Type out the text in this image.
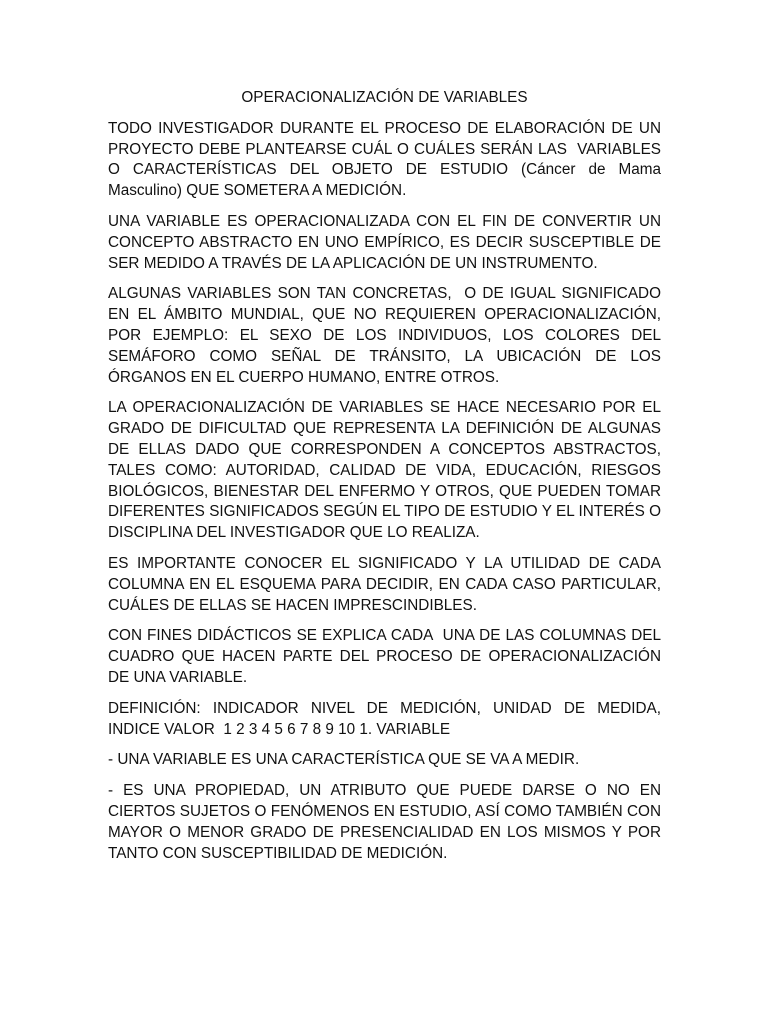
OPERACIONALIZACIÓN DE VARIABLES

TODO INVESTIGADOR DURANTE EL PROCESO DE ELABORACIÓN DE UN PROYECTO DEBE PLANTEARSE CUÁL O CUÁLES SERÁN LAS  VARIABLES O CARACTERÍSTICAS DEL OBJETO DE ESTUDIO (Cáncer de Mama Masculino) QUE SOMETERA A MEDICIÓN.

UNA VARIABLE ES OPERACIONALIZADA CON EL FIN DE CONVERTIR UN CONCEPTO ABSTRACTO EN UNO EMPÍRICO, ES DECIR SUSCEPTIBLE DE SER MEDIDO A TRAVÉS DE LA APLICACIÓN DE UN INSTRUMENTO.

ALGUNAS VARIABLES SON TAN CONCRETAS,  O DE IGUAL SIGNIFICADO EN EL ÁMBITO MUNDIAL, QUE NO REQUIEREN OPERACIONALIZACIÓN, POR EJEMPLO: EL SEXO DE LOS INDIVIDUOS, LOS COLORES DEL SEMÁFORO COMO SEÑAL DE TRÁNSITO, LA UBICACIÓN DE LOS ÓRGANOS EN EL CUERPO HUMANO, ENTRE OTROS.

LA OPERACIONALIZACIÓN DE VARIABLES SE HACE NECESARIO POR EL GRADO DE DIFICULTAD QUE REPRESENTA LA DEFINICIÓN DE ALGUNAS DE ELLAS DADO QUE CORRESPONDEN A CONCEPTOS ABSTRACTOS, TALES COMO: AUTORIDAD, CALIDAD DE VIDA, EDUCACIÓN, RIESGOS BIOLÓGICOS, BIENESTAR DEL ENFERMO Y OTROS, QUE PUEDEN TOMAR DIFERENTES SIGNIFICADOS SEGÚN EL TIPO DE ESTUDIO Y EL INTERÉS O DISCIPLINA DEL INVESTIGADOR QUE LO REALIZA.

ES IMPORTANTE CONOCER EL SIGNIFICADO Y LA UTILIDAD DE CADA COLUMNA EN EL ESQUEMA PARA DECIDIR, EN CADA CASO PARTICULAR, CUÁLES DE ELLAS SE HACEN IMPRESCINDIBLES.

CON FINES DIDÁCTICOS SE EXPLICA CADA  UNA DE LAS COLUMNAS DEL CUADRO QUE HACEN PARTE DEL PROCESO DE OPERACIONALIZACIÓN DE UNA VARIABLE.

DEFINICIÓN: INDICADOR NIVEL DE MEDICIÓN, UNIDAD DE MEDIDA, INDICE VALOR  1 2 3 4 5 6 7 8 9 10 1. VARIABLE

- UNA VARIABLE ES UNA CARACTERÍSTICA QUE SE VA A MEDIR.

- ES UNA PROPIEDAD, UN ATRIBUTO QUE PUEDE DARSE O NO EN CIERTOS SUJETOS O FENÓMENOS EN ESTUDIO, ASÍ COMO TAMBIÉN CON MAYOR O MENOR GRADO DE PRESENCIALIDAD EN LOS MISMOS Y POR TANTO CON SUSCEPTIBILIDAD DE MEDICIÓN.
